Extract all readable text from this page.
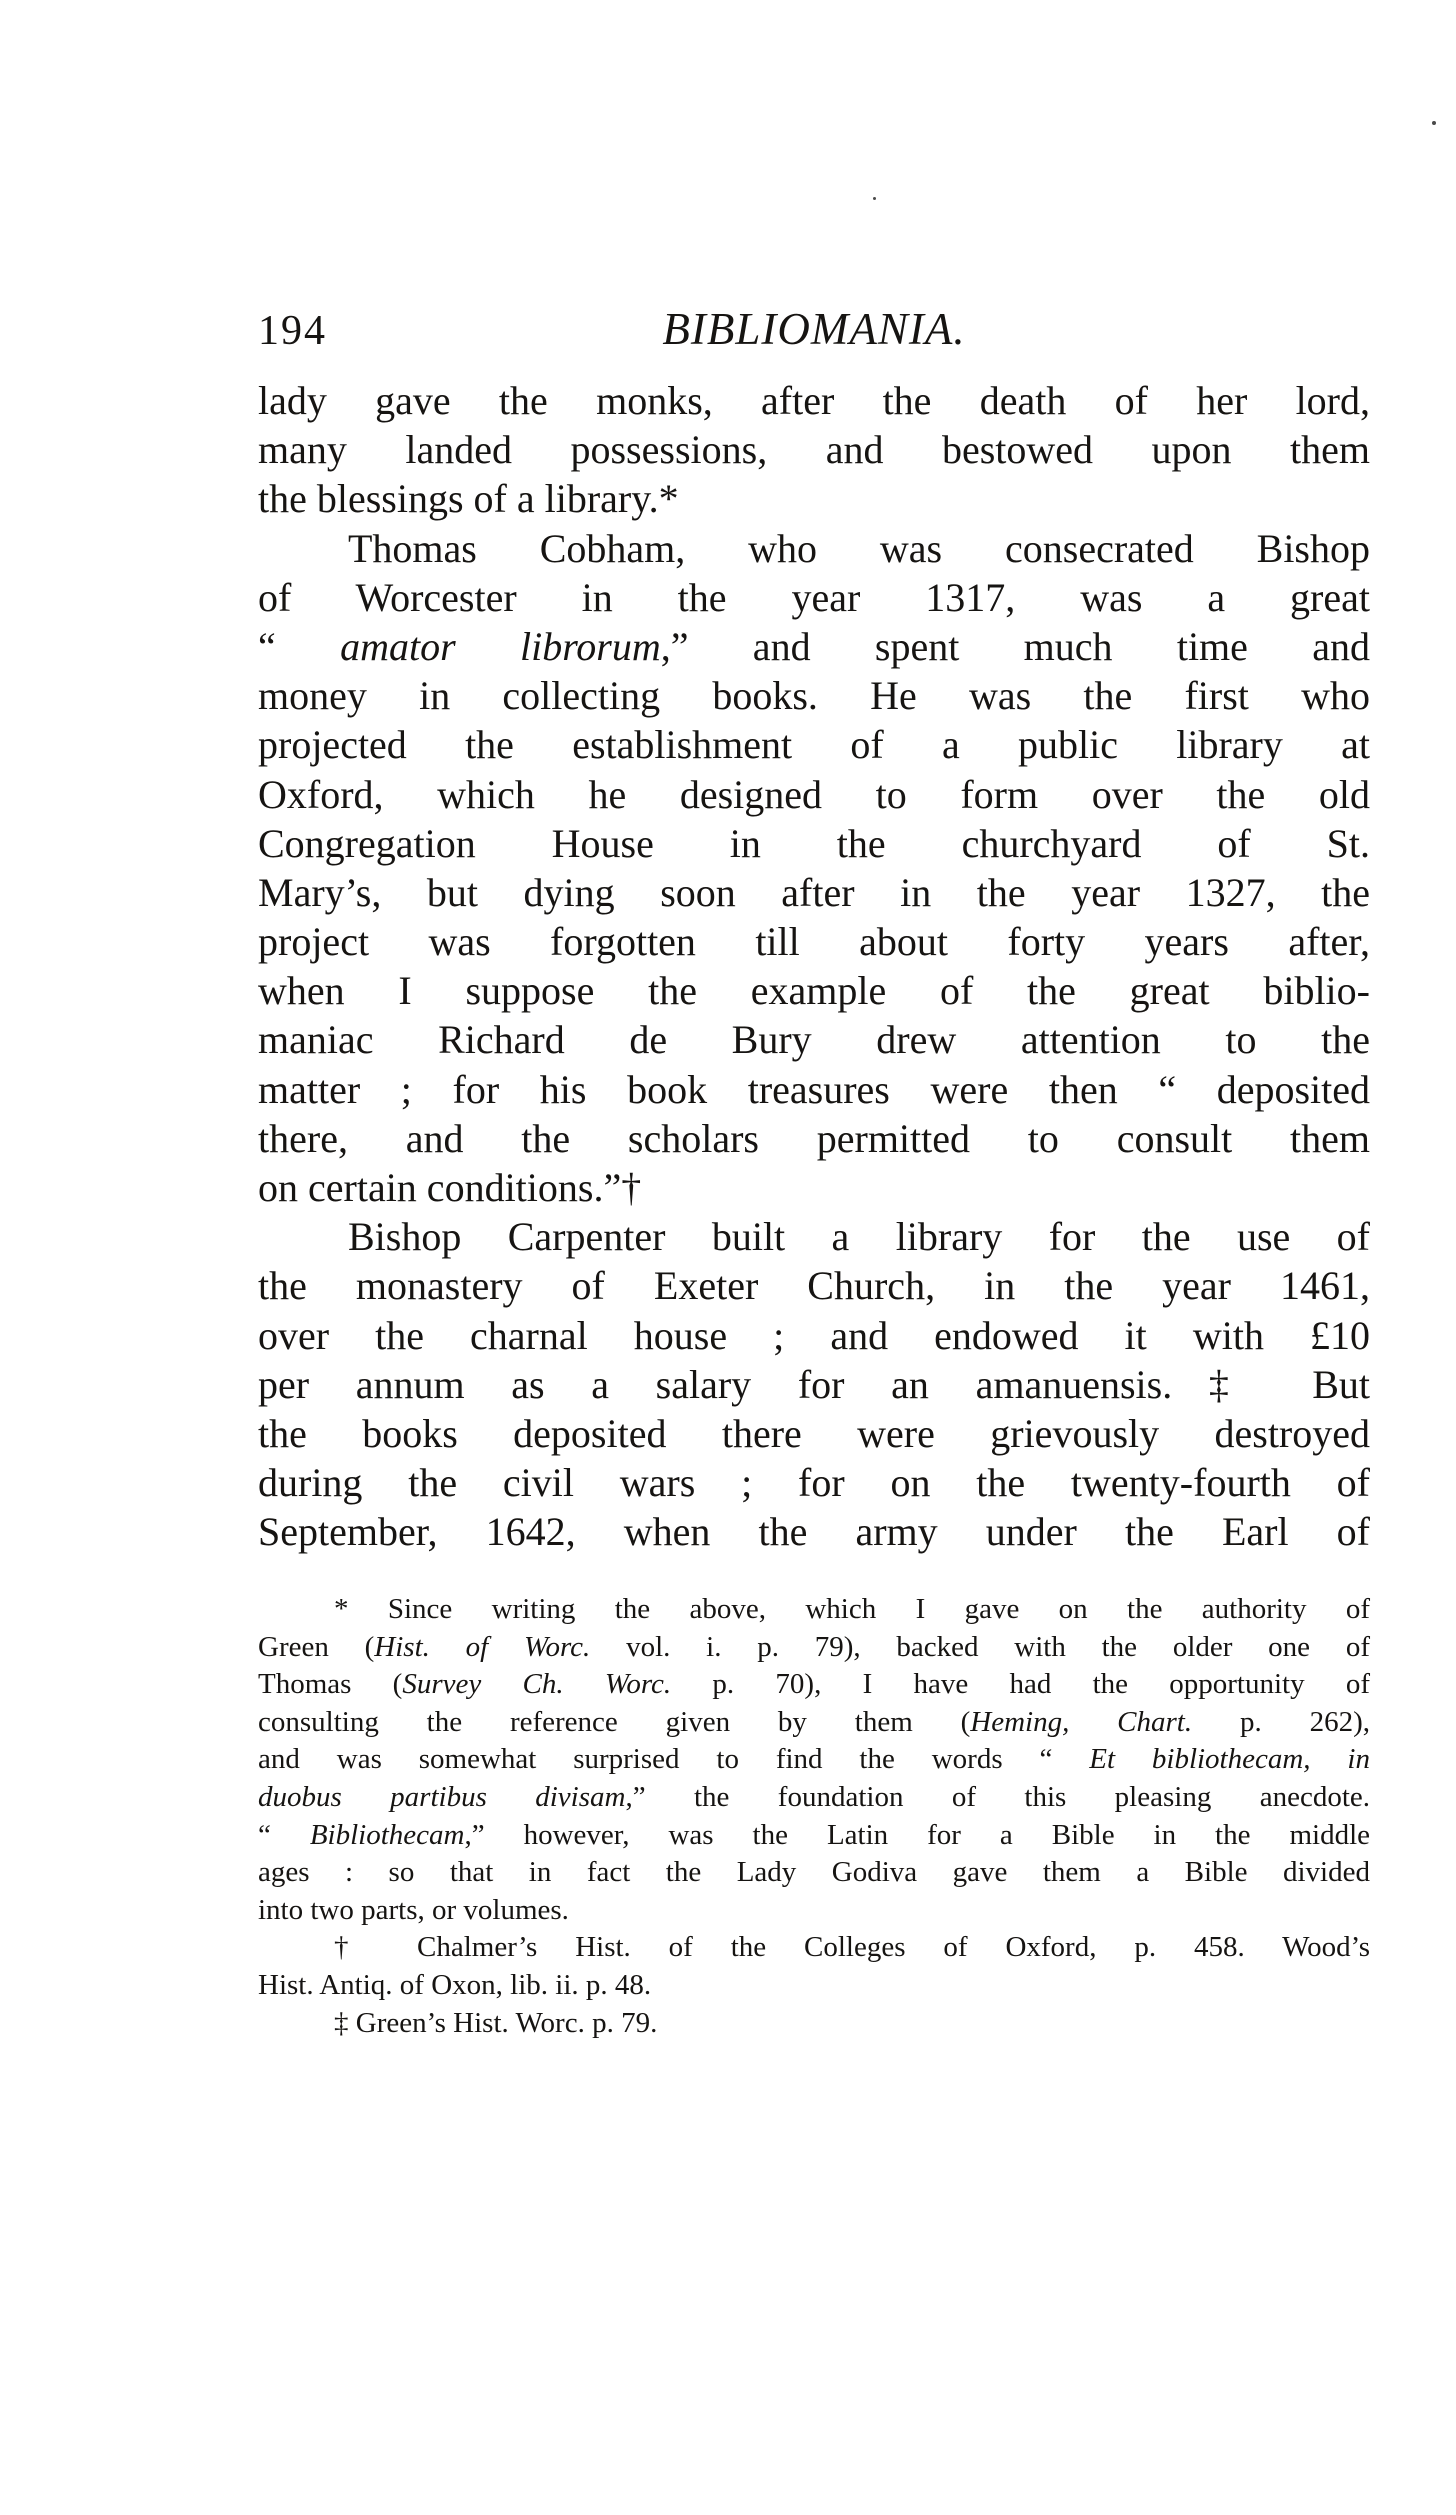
194	BIBLIOMANIA.
lady gave the monks, after the death of her lord,
many landed possessions, and bestowed upon them
the blessings of a library.*
Thomas Cobham, who was consecrated Bishop
of Worcester in the year 1317, was a great
“ amator librorum,” and spent much time and
money in collecting books. He was the first who
projected the establishment of a public library at
Oxford, which he designed to form over the old
Congregation House in the churchyard of St.
Mary’s, but dying soon after in the year 1327, the
project was forgotten till about forty years after,
when I suppose the example of the great biblio-
maniac Richard de Bury drew attention to the
matter ; for his book treasures were then “ deposited
there, and the scholars permitted to consult them
on certain conditions.”†
Bishop Carpenter built a library for the use of
the monastery of Exeter Church, in the year 1461,
over the charnal house ; and endowed it with £10
per annum as a salary for an amanuensis.‡ But
the books deposited there were grievously destroyed
during the civil wars ; for on the twenty-fourth of
September, 1642, when the army under the Earl of
* Since writing the above, which I gave on the authority of
Green (Hist. of Worc. vol. i. p. 79), backed with the older one of
Thomas (Survey Ch. Worc. p. 70), I have had the opportunity of
consulting the reference given by them (Heming, Chart. p. 262),
and was somewhat surprised to find the words “ Et bibliothecam, in
duobus partibus divisam,” the foundation of this pleasing anecdote.
“ Bibliothecam,” however, was the Latin for a Bible in the middle
ages : so that in fact the Lady Godiva gave them a Bible divided
into two parts, or volumes.
† Chalmer’s Hist. of the Colleges of Oxford, p. 458. Wood’s
Hist. Antiq. of Oxon, lib. ii. p. 48.
‡ Green’s Hist. Worc. p. 79.
